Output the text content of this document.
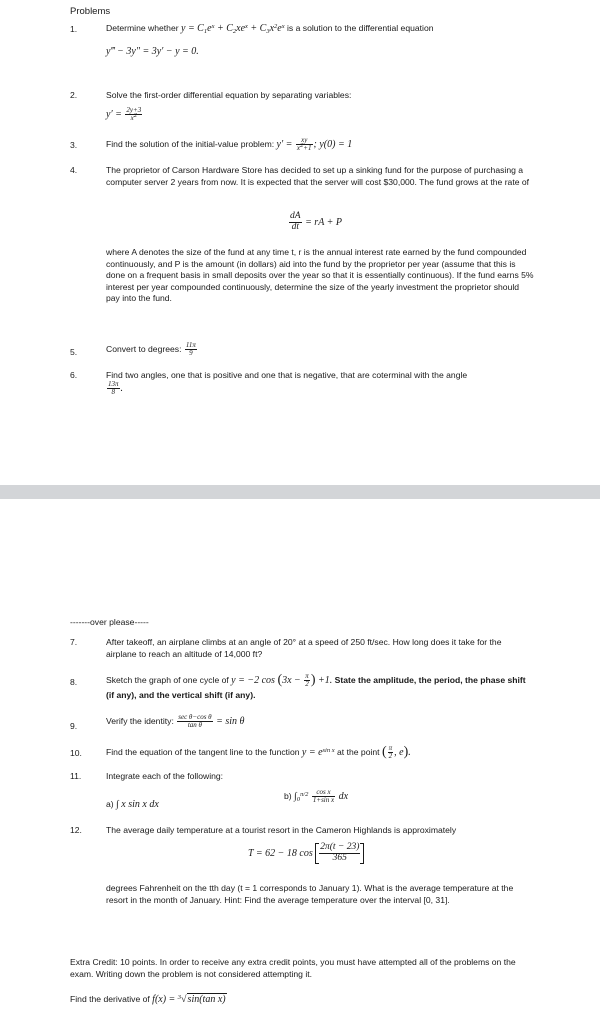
Problems
1.	Determine whether $y = C_1e^x + C_2xe^x + C_3x^2e^x$ is a solution to the differential equation
y‴ − 3y″ = 3y′ − y = 0.
2.	Solve the first-order differential equation by separating variables:
$y' = \frac{2y+3}{x^2}$
3.	Find the solution of the initial-value problem: $y' = \frac{xy}{x^2+1}$ ; y(0) = 1
4.	The proprietor of Carson Hardware Store has decided to set up a sinking fund for the purpose of purchasing a computer server 2 years from now. It is expected that the server will cost $30,000. The fund grows at the rate of
$\frac{dA}{dt}$ = rA + P
where A denotes the size of the fund at any time t, r is the annual interest rate earned by the fund compounded continuously, and P is the amount (in dollars) aid into the fund by the proprietor per year (assume that this is done on a frequent basis in small deposits over the year so that it is essentially continuous). If the fund earns 5% interest per year compounded continuously, determine the size of the yearly investment the proprietor should pay into the fund.
5.	Convert to degrees: $\frac{11\pi}{9}$
6.	Find two angles, one that is positive and one that is negative, that are coterminal with the angle
$\frac{13\pi}{8}$ .
-------over please-----
7.	After takeoff, an airplane climbs at an angle of 20° at a speed of 250 ft/sec. How long does it take for the airplane to reach an altitude of 14,000 ft?
8.	Sketch the graph of one cycle of y = −2 $\cos (3x - \frac{\pi}{2}$ ) +1. State the amplitude, the period, the phase shift (if any), and the vertical shift (if any).
9.	Verify the identity: $\frac{\text{sec θ−cos θ}}{\text{tan θ}} = \sin \theta$
10.	Find the equation of the tangent line to the function $y = e^{sin x}$ at the point ( $\frac{\pi}{2}$ , e).
11.	Integrate each of the following:
a) ∫ x sin x dx
b) $\int_0^{\pi/2} \frac{\text{cos x}}{\text{1+sin x}}$ dx
12.	The average daily temperature at a tourist resort in the Cameron Highlands is approximately
T = 62 − 18 $\cos \frac{2\pi(t - 23)}{365}$
degrees Fahrenheit on the tth day (t = 1 corresponds to January 1). What is the average temperature at the resort in the month of January. Hint: Find the average temperature over the interval [0, 31].
Extra Credit: 10 points. In order to receive any extra credit points, you must have attempted all of the problems on the exam. Writing down the problem is not considered attempting it.
Find the derivative of f(x) = $^3$√sin(tan x)
